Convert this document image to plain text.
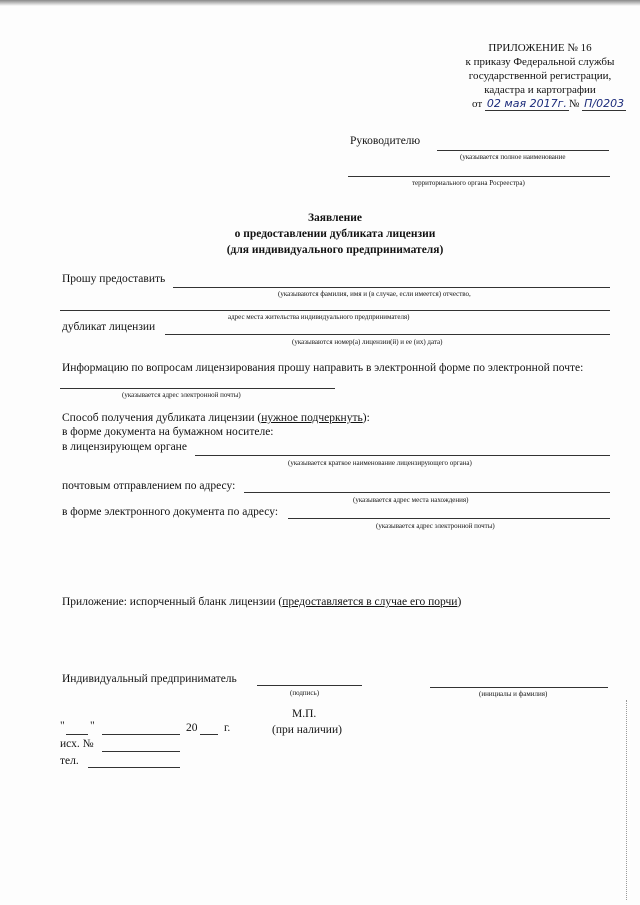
ПРИЛОЖЕНИЕ № 16
к приказу Федеральной службы
государственной регистрации,
кадастра и картографии
от 02 мая 2017г. № П/0203
Руководителю
(указывается полное наименование
территориального органа Росреестра)
Заявление
о предоставлении дубликата лицензии
(для индивидуального предпринимателя)
Прошу предоставить
(указываются фамилия, имя и (в случае, если имеется) отчество,
адрес места жительства индивидуального предпринимателя)
дубликат лицензии
(указываются номер(а) лицензии(й) и ее (их) дата)
Информацию по вопросам лицензирования прошу направить в электронной форме по электронной почте:
(указывается адрес электронной почты)
Способ получения дубликата лицензии (нужное подчеркнуть):
в форме документа на бумажном носителе:
в лицензирующем органе
(указывается краткое наименование лицензирующего органа)
почтовым отправлением по адресу:
(указывается адрес места нахождения)
в форме электронного документа по адресу:
(указывается адрес электронной почты)
Приложение: испорченный бланк лицензии (предоставляется в случае его порчи)
Индивидуальный предприниматель
(подпись)	(инициалы и фамилия)
М.П.
(при наличии)
" "	20 г.
исх. №
тел.
